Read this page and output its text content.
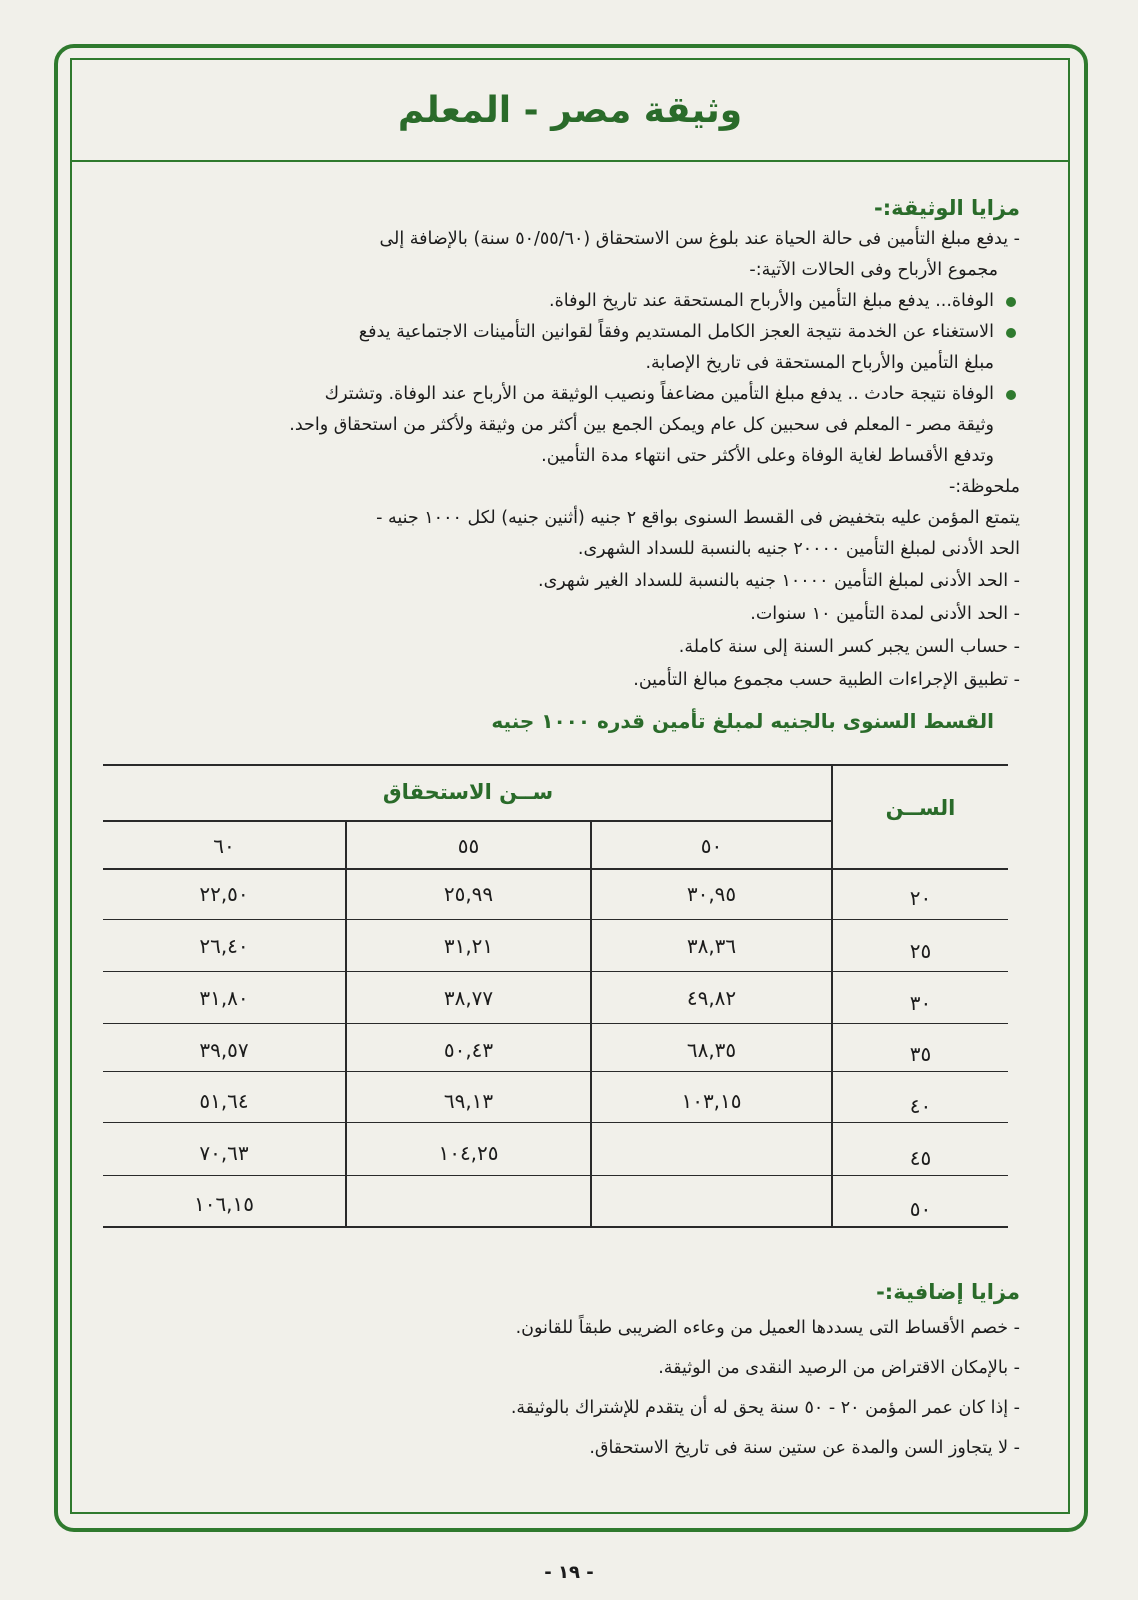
وثيقة مصر - المعلم
مزايا الوثيقة:-

- يدفع مبلغ التأمين فى حالة الحياة عند بلوغ سن الاستحقاق (٥٠/٥٥/٦٠ سنة) بالإضافة إلى

مجموع الأرباح وفى الحالات الآتية:-

الوفاة... يدفع مبلغ التأمين والأرباح المستحقة عند تاريخ الوفاة.
الاستغناء عن الخدمة نتيجة العجز الكامل المستديم وفقاً لقوانين التأمينات الاجتماعية يدفع
مبلغ التأمين والأرباح المستحقة فى تاريخ الإصابة.
الوفاة نتيجة حادث .. يدفع مبلغ التأمين مضاعفاً ونصيب الوثيقة من الأرباح عند الوفاة. وتشترك
وثيقة مصر - المعلم فى سحبين كل عام ويمكن الجمع بين أكثر من وثيقة ولأكثر من استحقاق واحد.
وتدفع الأقساط لغاية الوفاة وعلى الأكثر حتى انتهاء مدة التأمين.
ملحوظة:-
يتمتع المؤمن عليه بتخفيض فى القسط السنوى بواقع ٢ جنيه (أثنين جنيه) لكل ١٠٠٠ جنيه -
الحد الأدنى لمبلغ التأمين ٢٠٠٠٠ جنيه بالنسبة للسداد الشهرى.
- الحد الأدنى لمبلغ التأمين ١٠٠٠٠ جنيه بالنسبة للسداد الغير شهرى.
- الحد الأدنى لمدة التأمين ١٠ سنوات.
- حساب السن يجبر كسر السنة إلى سنة كاملة.
- تطبيق الإجراءات الطبية حسب مجموع مبالغ التأمين.
القسط السنوى بالجنيه لمبلغ تأمين قدره ١٠٠٠ جنيه
ســن الاستحقاق
الســن
٥٠
٥٥
٦٠
٢٠
٣٠,٩٥
٢٥,٩٩
٢٢,٥٠
٢٥
٣٨,٣٦
٣١,٢١
٢٦,٤٠
٣٠
٤٩,٨٢
٣٨,٧٧
٣١,٨٠
٣٥
٦٨,٣٥
٥٠,٤٣
٣٩,٥٧
٤٠
١٠٣,١٥
٦٩,١٣
٥١,٦٤
٤٥
١٠٤,٢٥
٧٠,٦٣
٥٠
١٠٦,١٥
مزايا إضافية:-
- خصم الأقساط التى يسددها العميل من وعاءه الضريبى طبقاً للقانون.
- بالإمكان الاقتراض من الرصيد النقدى من الوثيقة.
- إذا كان عمر المؤمن ٢٠ - ٥٠ سنة يحق له أن يتقدم للإشتراك بالوثيقة.
- لا يتجاوز السن والمدة عن ستين سنة فى تاريخ الاستحقاق.
- ١٩ -
